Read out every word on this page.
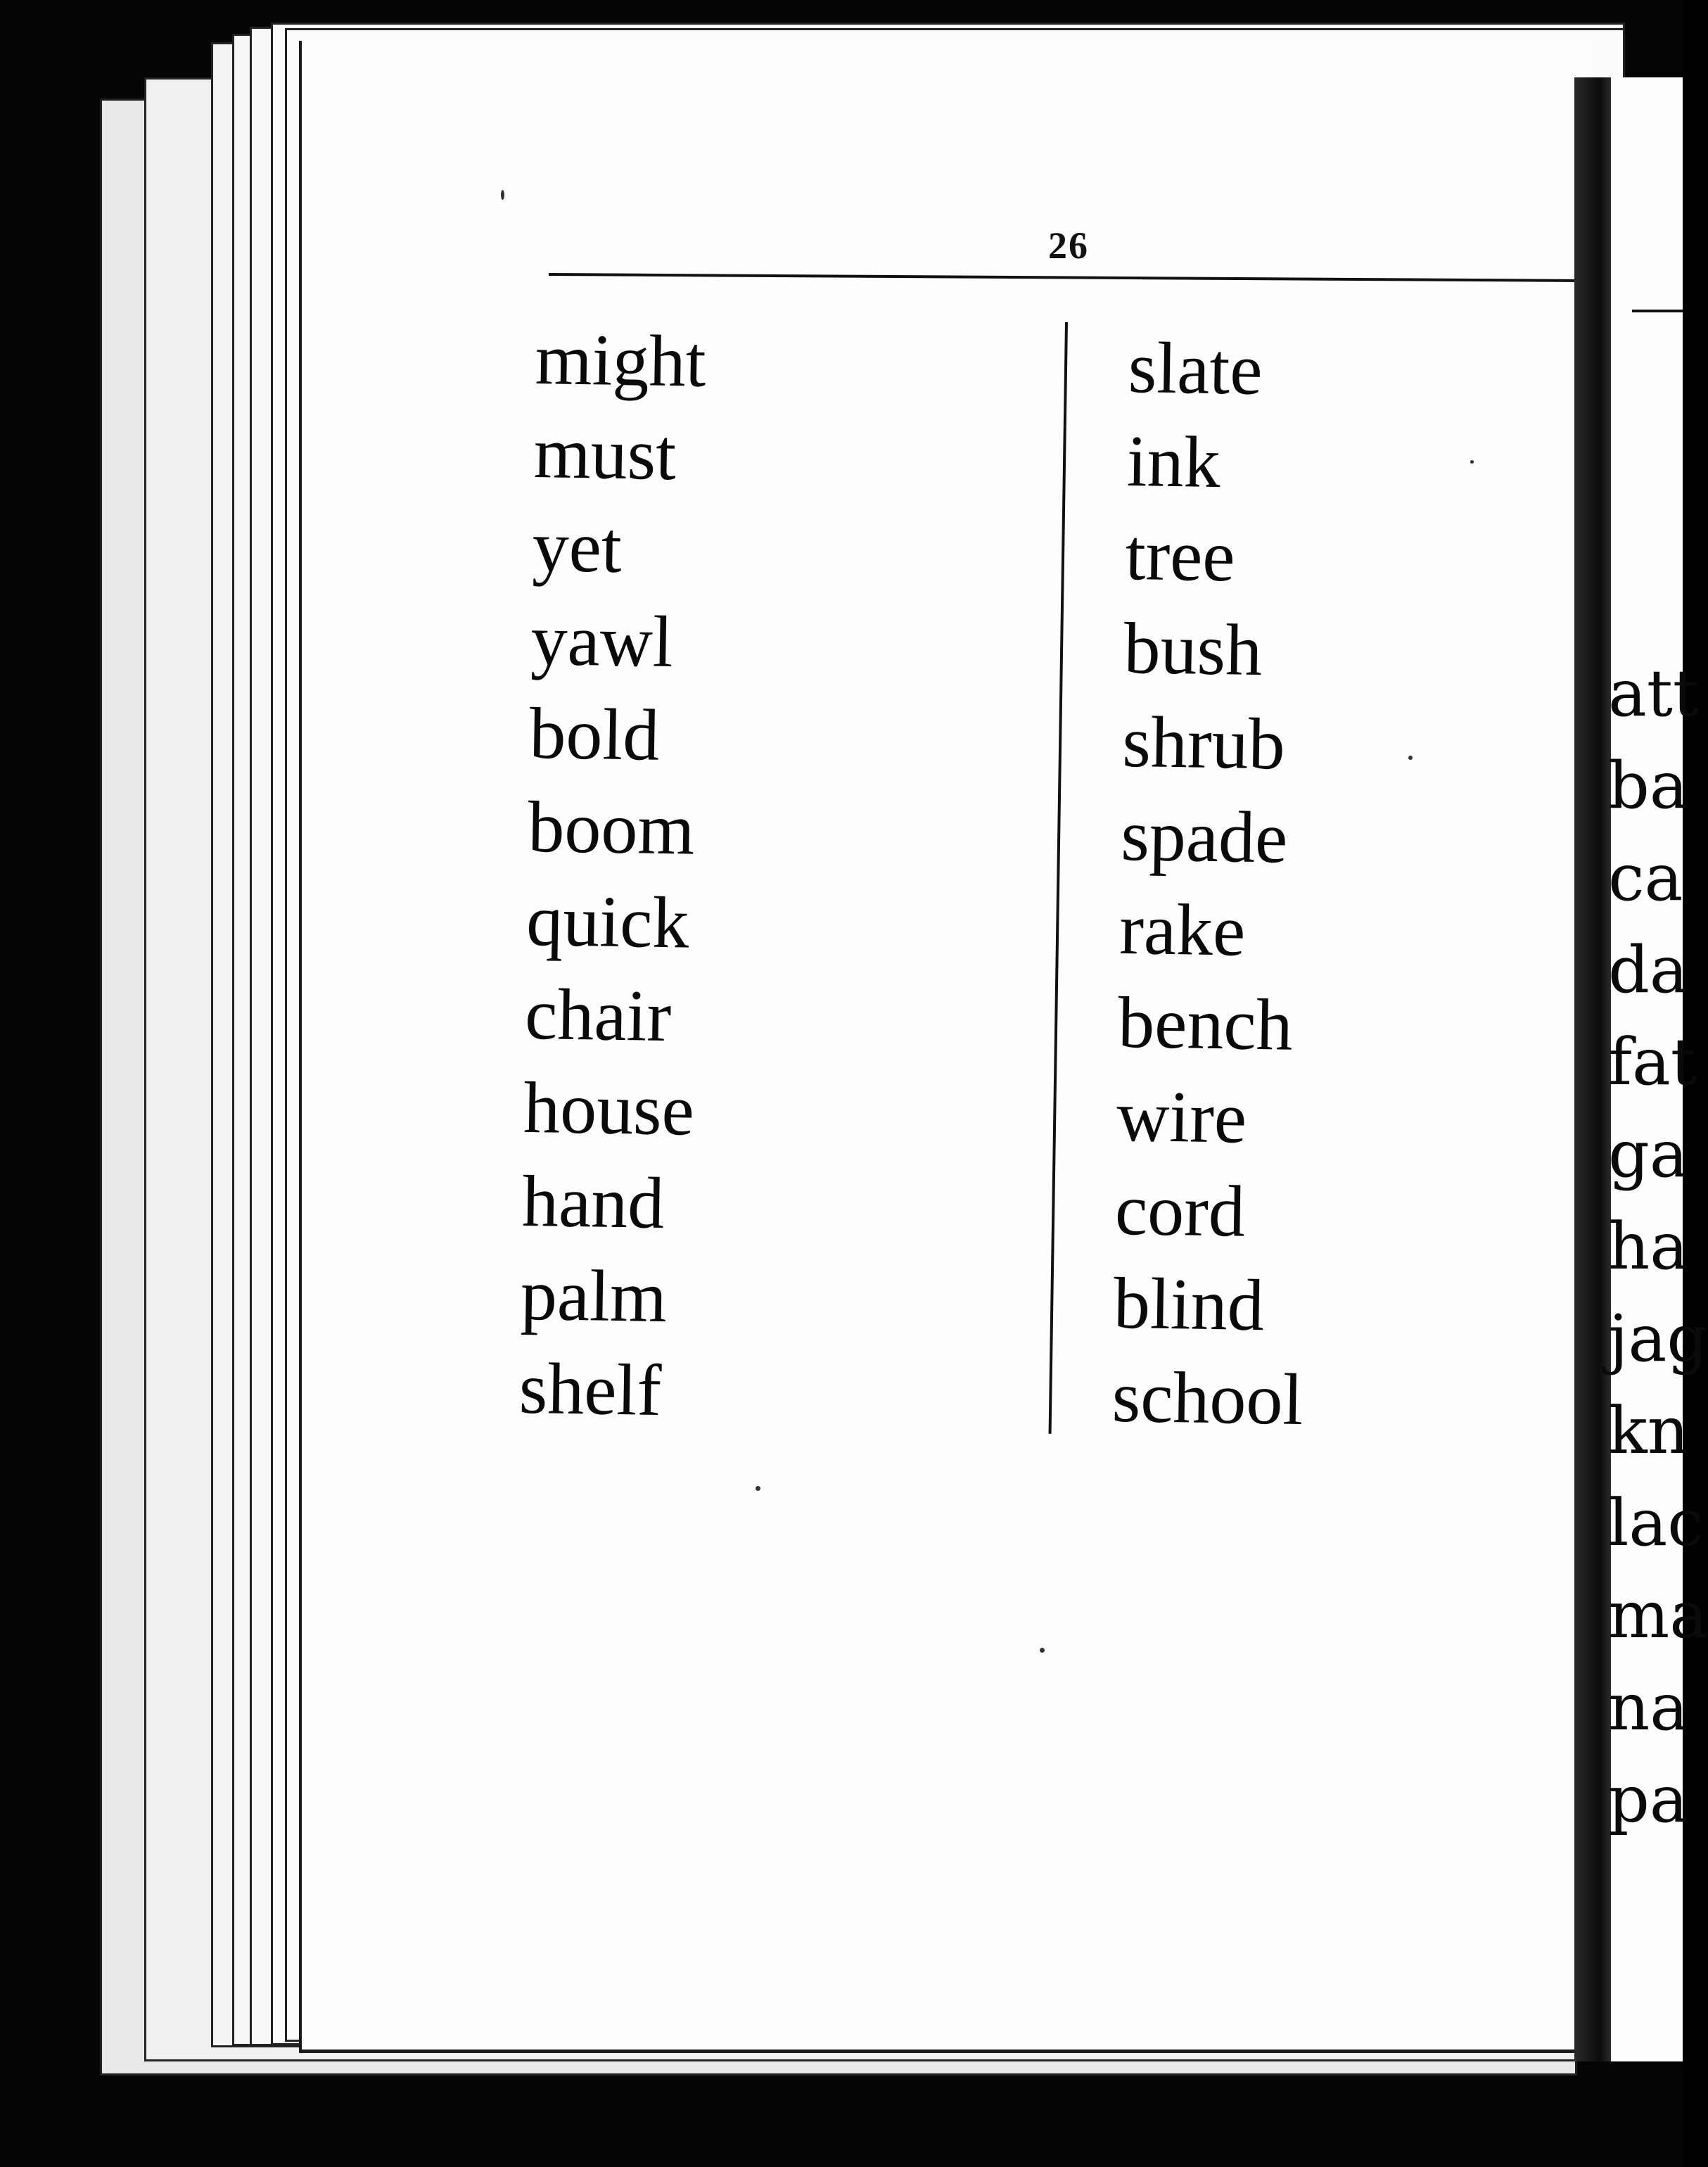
26
might
must
yet
yawl
bold
boom
quick
chair
house
hand
palm
shelf
slate
ink
tree
bush
shrub
spade
rake
bench
wire
cord
blind
school
att
ba
ca
da
fat
ga
ha
jag
kn
lac
ma
na
pa
